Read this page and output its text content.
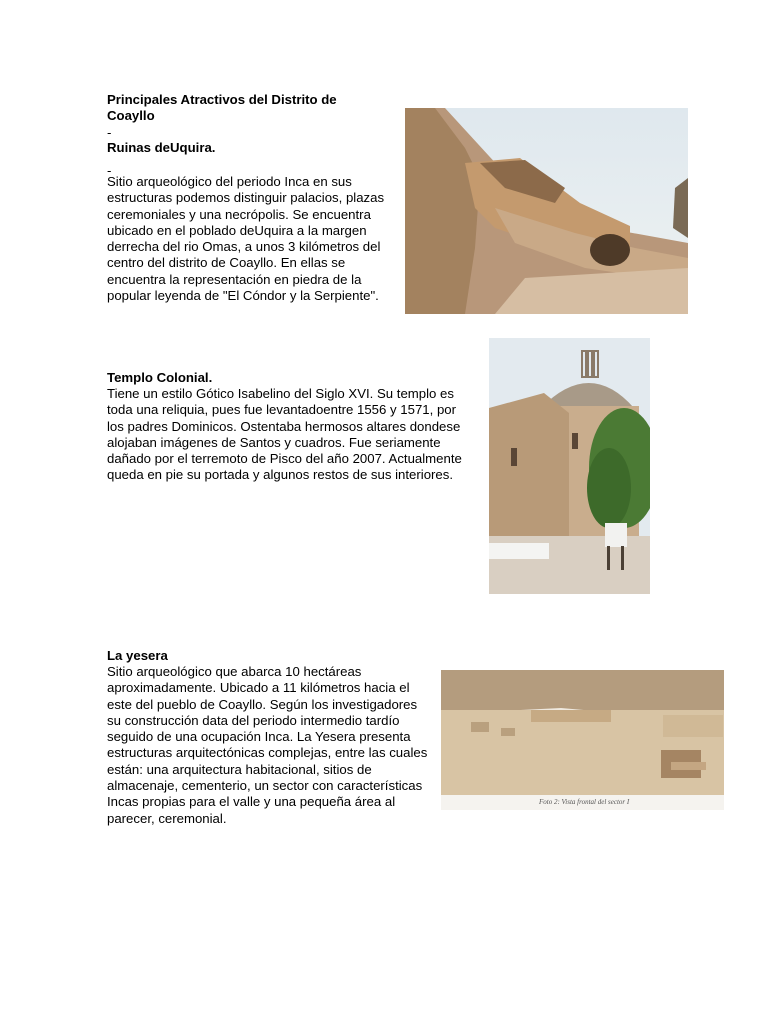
Principales Atractivos del Distrito de Coayllo
-
Ruinas deUquira.
-
Sitio arqueológico del periodo Inca en sus estructuras podemos distinguir palacios, plazas ceremoniales y una necrópolis. Se encuentra ubicado en el poblado deUquira a la margen derrecha del rio Omas, a unos 3 kilómetros del centro del distrito de Coayllo. En ellas se encuentra la representación en piedra de la popular leyenda de "El Cóndor y la Serpiente".
Templo Colonial.
Tiene un estilo Gótico Isabelino del Siglo XVI. Su templo es toda una reliquia, pues fue levantadoentre 1556 y 1571, por los padres Dominicos. Ostentaba hermosos altares dondese alojaban imágenes de Santos y cuadros. Fue seriamente dañado por el terremoto de Pisco del año 2007. Actualmente queda en pie su portada y algunos restos de sus interiores.
La yesera
Sitio arqueológico que abarca 10 hectáreas aproximadamente. Ubicado a 11 kilómetros hacia el este del pueblo de Coayllo. Según los investigadores su construcción data del periodo intermedio tardío seguido de una ocupación Inca. La Yesera presenta estructuras arquitectónicas complejas, entre las cuales están: una arquitectura habitacional, sitios de almacenaje, cementerio, un sector con características Incas propias para el valle y una pequeña área al parecer, ceremonial.
Foto 2: Vista frontal del sector I
